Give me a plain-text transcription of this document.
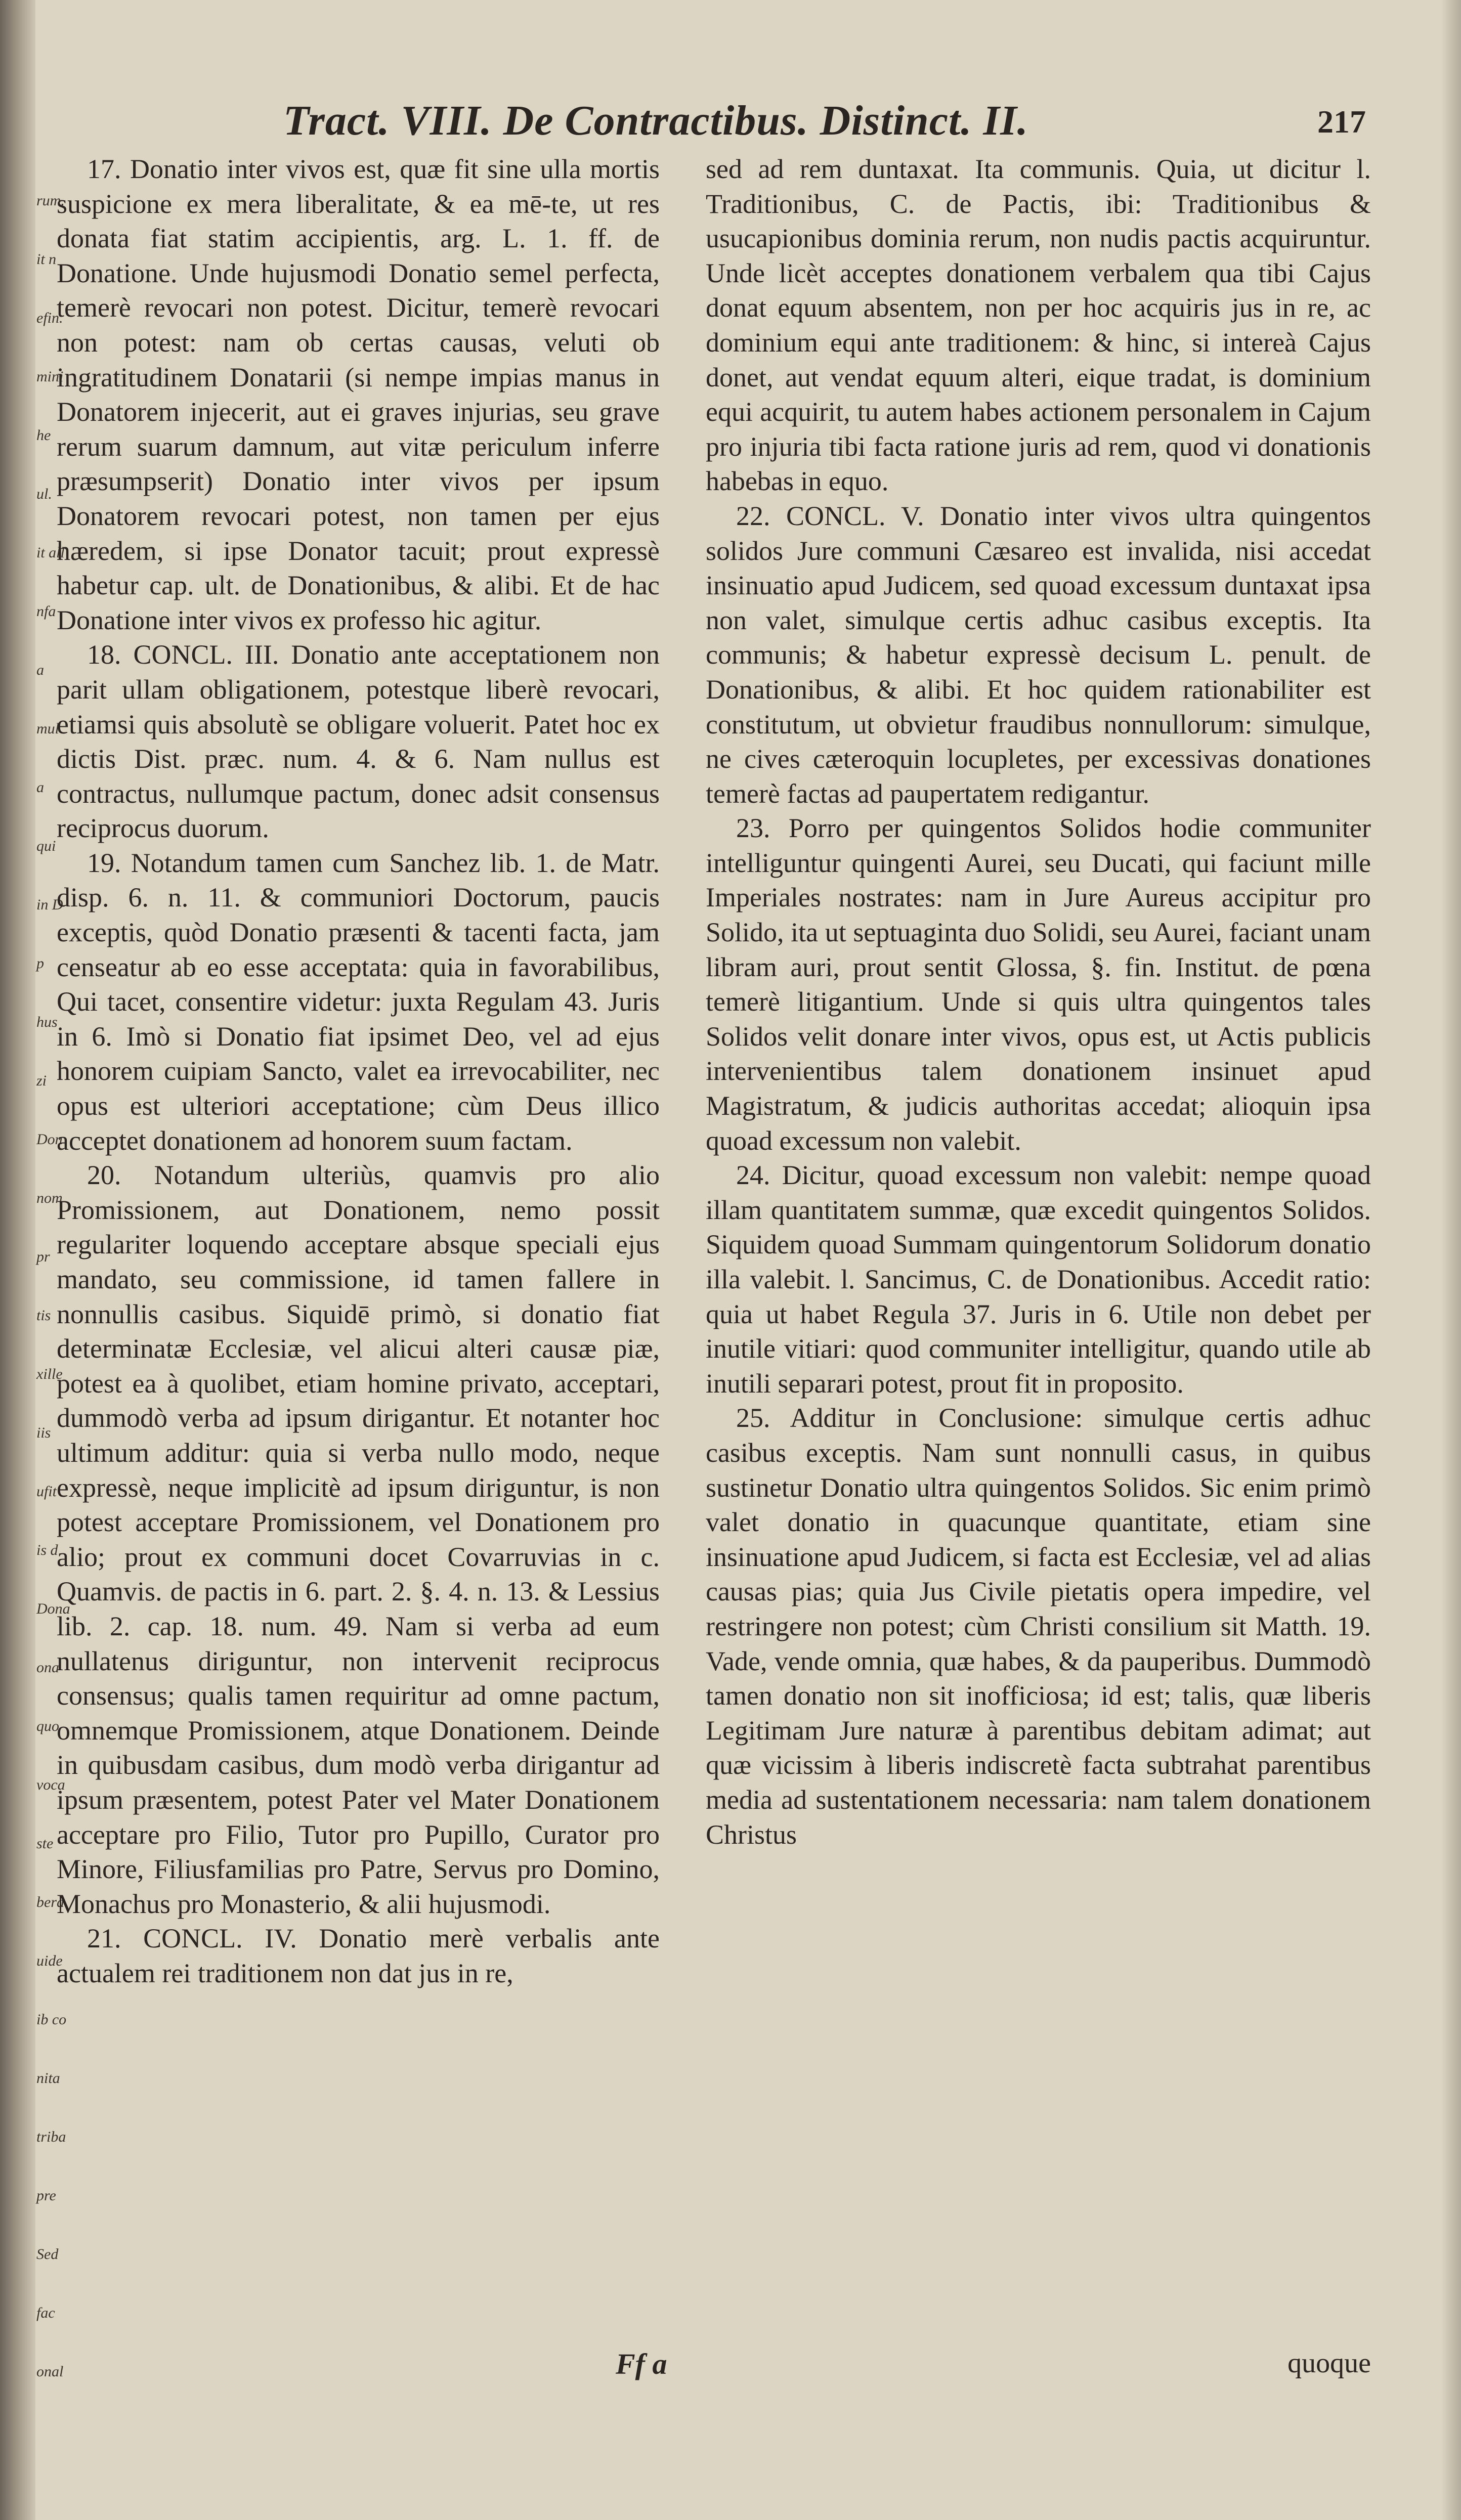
rum.
it n
efin.
mini
he
ul.
it all
nfa
a
mul
a
qui
in D
p
hus
zi
Don
nom
pr
tis
xille
iis
ufit
is d
Dona
ona
quo
voca
ste
bera
uide
ib co
nita
triba
pre
Sed
fac
onal
Tract. VIII. De Contractibus. Distinct. II.	217

17. Donatio inter vivos est, quæ fit sine ulla mortis suspicione ex mera liberalitate, & ea mē-te, ut res donata fiat statim accipientis, arg. L. 1. ff. de Donatione. Unde hujusmodi Donatio semel perfecta, temerè revocari non potest. Dicitur, temerè revocari non potest: nam ob certas causas, veluti ob ingratitudinem Donatarii (si nempe impias manus in Donatorem injecerit, aut ei graves injurias, seu grave rerum suarum damnum, aut vitæ periculum inferre præsumpserit) Donatio inter vivos per ipsum Donatorem revocari potest, non tamen per ejus hæredem, si ipse Donator tacuit; prout expressè habetur cap. ult. de Donationibus, & alibi. Et de hac Donatione inter vivos ex professo hic agitur.

18. CONCL. III. Donatio ante acceptationem non parit ullam obligationem, potestque liberè revocari, etiamsi quis absolutè se obligare voluerit. Patet hoc ex dictis Dist. præc. num. 4. & 6. Nam nullus est contractus, nullumque pactum, donec adsit consensus reciprocus duorum.

19. Notandum tamen cum Sanchez lib. 1. de Matr. disp. 6. n. 11. & communiori Doctorum, paucis exceptis, quòd Donatio præsenti & tacenti facta, jam censeatur ab eo esse acceptata: quia in favorabilibus, Qui tacet, consentire videtur: juxta Regulam 43. Juris in 6. Imò si Donatio fiat ipsimet Deo, vel ad ejus honorem cuipiam Sancto, valet ea irrevocabiliter, nec opus est ulteriori acceptatione; cùm Deus illico acceptet donationem ad honorem suum factam.

20. Notandum ulteriùs, quamvis pro alio Promissionem, aut Donationem, nemo possit regulariter loquendo acceptare absque speciali ejus mandato, seu commissione, id tamen fallere in nonnullis casibus. Siquidē primò, si donatio fiat determinatæ Ecclesiæ, vel alicui alteri causæ piæ, potest ea à quolibet, etiam homine privato, acceptari, dummodò verba ad ipsum dirigantur. Et notanter hoc ultimum additur: quia si verba nullo modo, neque expressè, neque implicitè ad ipsum diriguntur, is non potest acceptare Promissionem, vel Donationem pro alio; prout ex communi docet Covarruvias in c. Quamvis. de pactis in 6. part. 2. §. 4. n. 13. & Lessius lib. 2. cap. 18. num. 49. Nam si verba ad eum nullatenus diriguntur, non intervenit reciprocus consensus; qualis tamen requiritur ad omne pactum, omnemque Promissionem, atque Donationem. Deinde in quibusdam casibus, dum modò verba dirigantur ad ipsum præsentem, potest Pater vel Mater Donationem acceptare pro Filio, Tutor pro Pupillo, Curator pro Minore, Filiusfamilias pro Patre, Servus pro Domino, Monachus pro Monasterio, & alii hujusmodi.

21. CONCL. IV. Donatio merè verbalis ante actualem rei traditionem non dat jus in re,

sed ad rem duntaxat. Ita communis. Quia, ut dicitur l. Traditionibus, C. de Pactis, ibi: Traditionibus & usucapionibus dominia rerum, non nudis pactis acquiruntur. Unde licèt acceptes donationem verbalem qua tibi Cajus donat equum absentem, non per hoc acquiris jus in re, ac dominium equi ante traditionem: & hinc, si intereà Cajus donet, aut vendat equum alteri, eique tradat, is dominium equi acquirit, tu autem habes actionem personalem in Cajum pro injuria tibi facta ratione juris ad rem, quod vi donationis habebas in equo.

22. CONCL. V. Donatio inter vivos ultra quingentos solidos Jure communi Cæsareo est invalida, nisi accedat insinuatio apud Judicem, sed quoad excessum duntaxat ipsa non valet, simulque certis adhuc casibus exceptis. Ita communis; & habetur expressè decisum L. penult. de Donationibus, & alibi. Et hoc quidem rationabiliter est constitutum, ut obvietur fraudibus nonnullorum: simulque, ne cives cæteroquin locupletes, per excessivas donationes temerè factas ad paupertatem redigantur.

23. Porro per quingentos Solidos hodie communiter intelliguntur quingenti Aurei, seu Ducati, qui faciunt mille Imperiales nostrates: nam in Jure Aureus accipitur pro Solido, ita ut septuaginta duo Solidi, seu Aurei, faciant unam libram auri, prout sentit Glossa, §. fin. Institut. de pœna temerè litigantium. Unde si quis ultra quingentos tales Solidos velit donare inter vivos, opus est, ut Actis publicis intervenientibus talem donationem insinuet apud Magistratum, & judicis authoritas accedat; alioquin ipsa quoad excessum non valebit.

24. Dicitur, quoad excessum non valebit: nempe quoad illam quantitatem summæ, quæ excedit quingentos Solidos. Siquidem quoad Summam quingentorum Solidorum donatio illa valebit. l. Sancimus, C. de Donationibus. Accedit ratio: quia ut habet Regula 37. Juris in 6. Utile non debet per inutile vitiari: quod communiter intelligitur, quando utile ab inutili separari potest, prout fit in proposito.

25. Additur in Conclusione: simulque certis adhuc casibus exceptis. Nam sunt nonnulli casus, in quibus sustinetur Donatio ultra quingentos Solidos. Sic enim primò valet donatio in quacunque quantitate, etiam sine insinuatione apud Judicem, si facta est Ecclesiæ, vel ad alias causas pias; quia Jus Civile pietatis opera impedire, vel restringere non potest; cùm Christi consilium sit Matth. 19. Vade, vende omnia, quæ habes, & da pauperibus. Dummodò tamen donatio non sit inofficiosa; id est; talis, quæ liberis Legitimam Jure naturæ à parentibus debitam adimat; aut quæ vicissim à liberis indiscretè facta subtrahat parentibus media ad sustentationem necessaria: nam talem donationem Christus

Ff a	quoque
